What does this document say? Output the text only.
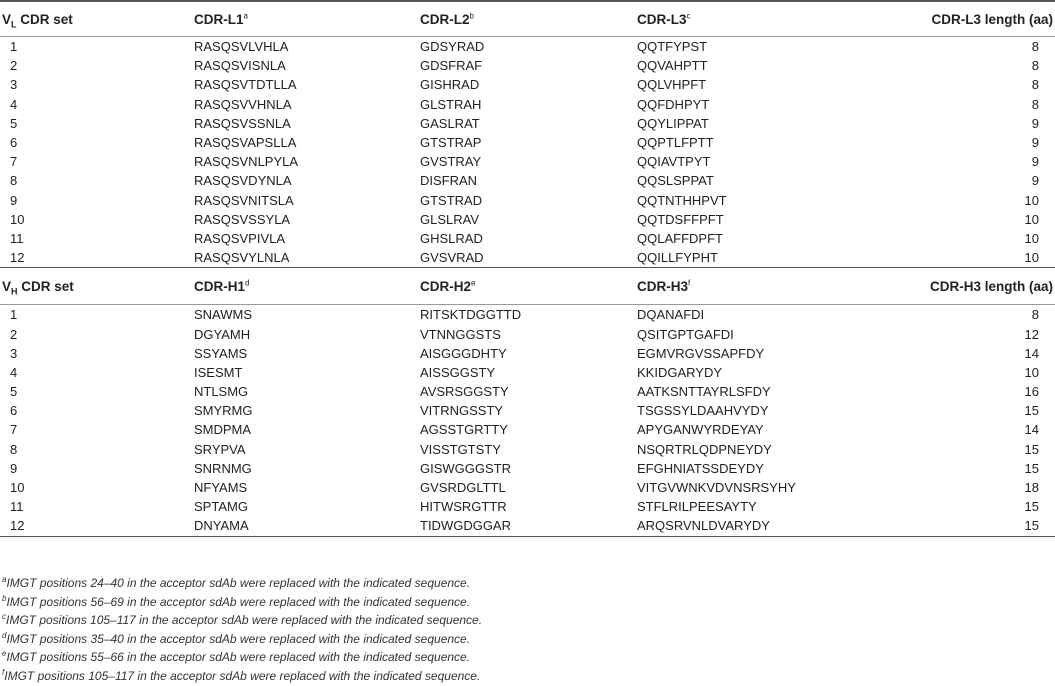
$V_L$ CDR set	CDR-L1$^a$	CDR-L2$^b$	CDR-L3$^c$	CDR-L3 length (aa)
1	RASQSVLVHLA	GDSYRAD	QQTFYPST	8
2	RASQSVISNLA	GDSFRAF	QQVAHPTT	8
3	RASQSVTDTLLA	GISHRAD	QQLVHPFT	8
4	RASQSVVHNLA	GLSTRAH	QQFDHPYT	8
5	RASQSVSSNLA	GASLRAT	QQYLIPPAT	9
6	RASQSVAPSLLA	GTSTRAP	QQPTLFPTT	9
7	RASQSVNLPYLA	GVSTRAY	QQIAVTPYT	9
8	RASQSVDYNLA	DISFRAN	QQSLSPPAT	9
9	RASQSVNITSLA	GTSTRAD	QQTNTHHPVT	10
10	RASQSVSSYLA	GLSLRAV	QQTDSFFPFT	10
11	RASQSVPIVLA	GHSLRAD	QQLAFFDPFT	10
12	RASQSVYLNLA	GVSVRAD	QQILLFYPHT	10
$V_H$ CDR set	CDR-H1$^d$	CDR-H2e	CDR-H3$^f$	CDR-H3 length (aa)
1	SNAWMS	RITSKTDGGTTD	DQANAFDI	8
2	DGYAMH	VTNNGGSTS	QSITGPTGAFDI	12
3	SSYAMS	AISGGGDHTY	EGMVRGVSSAPFDY	14
4	ISESMT	AISSGGSTY	KKIDGARYDY	10
5	NTLSMG	AVSRSGGSTY	AATKSNTTAYRLSFDY	16
6	SMYRMG	VITRNGSSTY	TSGSSYLDAAHVYDY	15
7	SMDPMA	AGSSTGRTTY	APYGANWYRDEYAY	14
8	SRYPVA	VISSTGTSTY	NSQRTRLQDPNEYDY	15
9	SNRNMG	GISWGGGSTR	EFGHNIATSSDEYDY	15
10	NFYAMS	GVSRDGLTTL	VITGVWNKVDVNSRSYHY	18
11	SPTAMG	HITWSRGTTR	STFLRILPEESAYTY	15
12	DNYAMA	TIDWGDGGAR	ARQSRVNLDVARYDY	15
$^a$IMGT positions 24–40 in the acceptor sdAb were replaced with the indicated sequence.
$^b$IMGT positions 56–69 in the acceptor sdAb were replaced with the indicated sequence.
$^c$IMGT positions 105–117 in the acceptor sdAb were replaced with the indicated sequence.
$^d$IMGT positions 35–40 in the acceptor sdAb were replaced with the indicated sequence.
$^e$IMGT positions 55–66 in the acceptor sdAb were replaced with the indicated sequence.
$^f$IMGT positions 105–117 in the acceptor sdAb were replaced with the indicated sequence.
